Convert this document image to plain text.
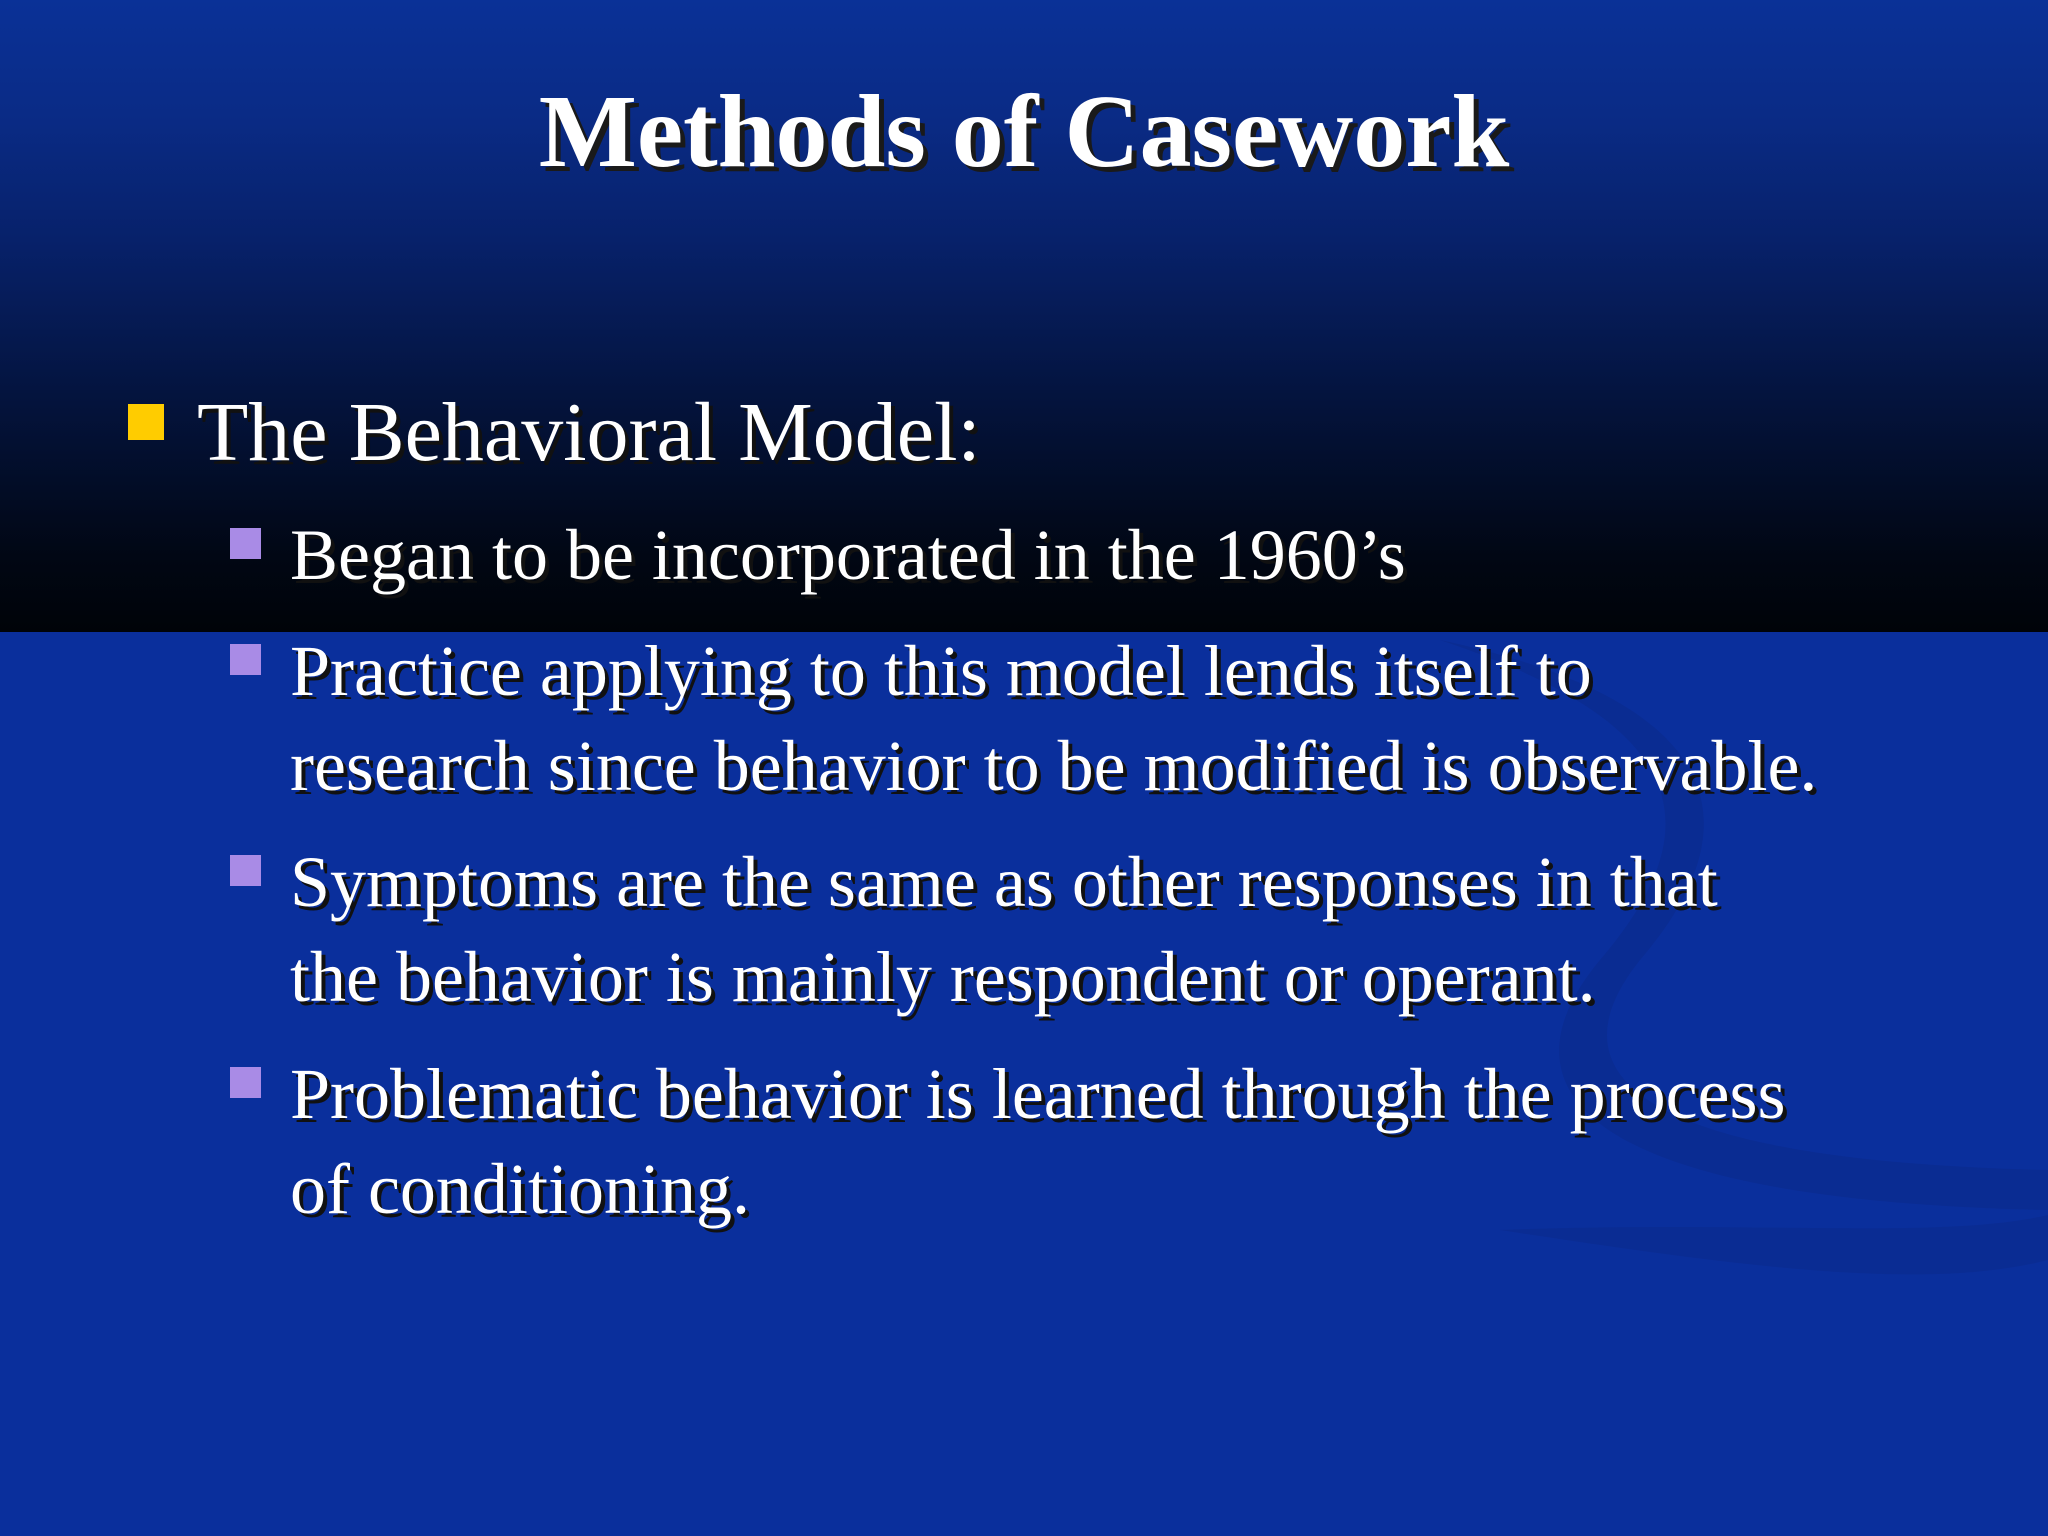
Methods of Casework
The Behavioral Model:
Began to be incorporated in the 1960’s
Practice applying to this model lends itself to
research since behavior to be modified is observable.
Symptoms are the same as other responses in that
the behavior is mainly respondent or operant.
Problematic behavior is learned through the process
of conditioning.
